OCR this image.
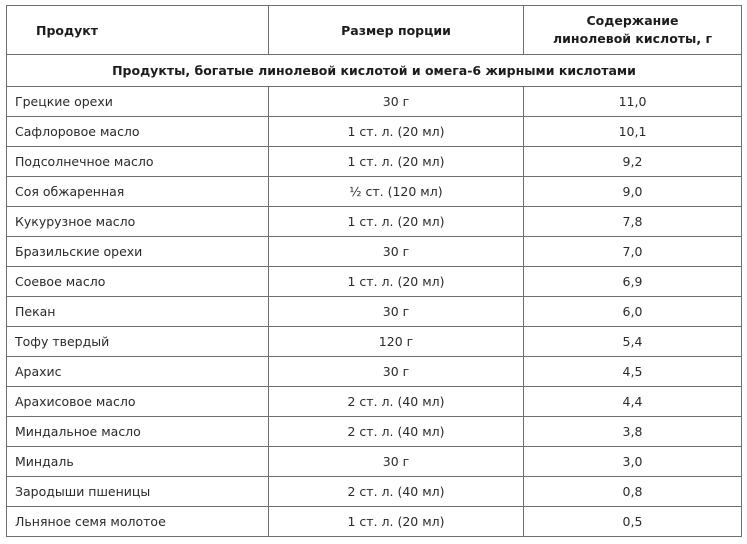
Продукт	Размер порции	Содержание
линолевой кислоты, г

Продукты, богатые линолевой кислотой и омега-6 жирными кислотами		
Грецкие орехи	30 г	11,0
Сафлоровое масло	1 ст. л. (20 мл)	10,1
Подсолнечное масло	1 ст. л. (20 мл)	9,2
Соя обжаренная	½ ст. (120 мл)	9,0
Кукурузное масло	1 ст. л. (20 мл)	7,8
Бразильские орехи	30 г	7,0
Соевое масло	1 ст. л. (20 мл)	6,9
Пекан	30 г	6,0
Тофу твердый	120 г	5,4
Арахис	30 г	4,5
Арахисовое масло	2 ст. л. (40 мл)	4,4
Миндальное масло	2 ст. л. (40 мл)	3,8
Миндаль	30 г	3,0
Зародыши пшеницы	2 ст. л. (40 мл)	0,8
Льняное семя молотое	1 ст. л. (20 мл)	0,5
